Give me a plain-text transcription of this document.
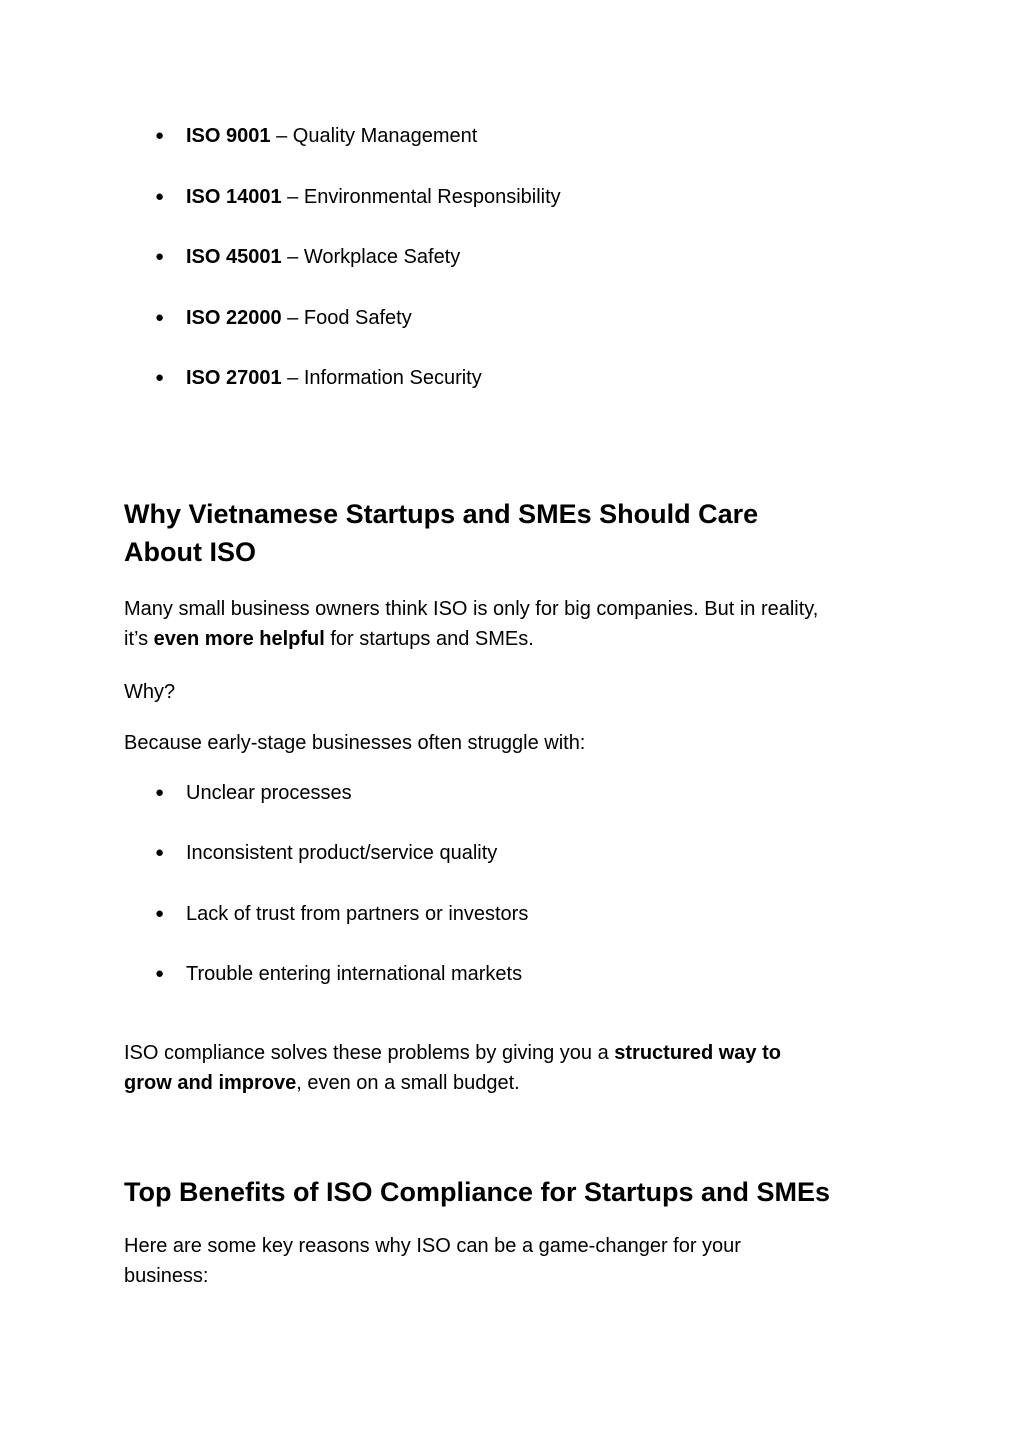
● ISO 9001 – Quality Management
● ISO 14001 – Environmental Responsibility
● ISO 45001 – Workplace Safety
● ISO 22000 – Food Safety
● ISO 27001 – Information Security
Why Vietnamese Startups and SMEs Should Care
About ISO
Many small business owners think ISO is only for big companies. But in reality,
it’s even more helpful for startups and SMEs.
Why?
Because early-stage businesses often struggle with:
● Unclear processes
● Inconsistent product/service quality
● Lack of trust from partners or investors
● Trouble entering international markets
ISO compliance solves these problems by giving you a structured way to
grow and improve, even on a small budget.
Top Benefits of ISO Compliance for Startups and SMEs
Here are some key reasons why ISO can be a game-changer for your
business:
